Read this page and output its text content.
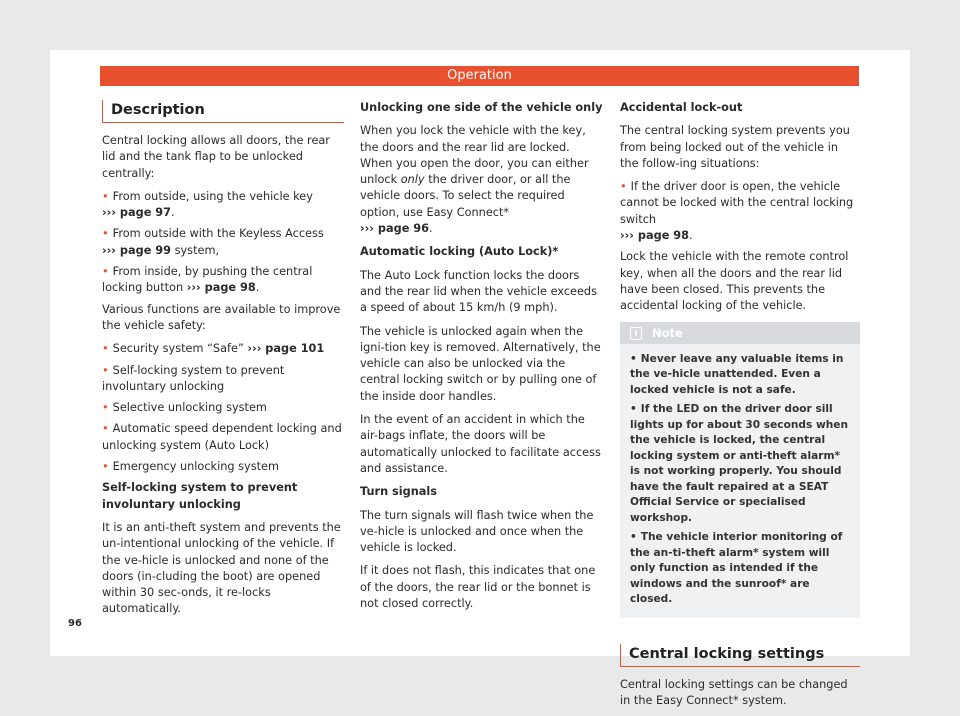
Operation
Description

Central locking allows all doors, the rear lid and the tank flap to be unlocked centrally:

• From outside, using the vehicle key
››› page 97.
• From outside with the Keyless Access
››› page 99 system,
• From inside, by pushing the central locking button ››› page 98.

Various functions are available to improve the vehicle safety:

• Security system “Safe” ››› page 101
• Self-locking system to prevent involuntary unlocking
• Selective unlocking system
• Automatic speed dependent locking and unlocking system (Auto Lock)
• Emergency unlocking system

Self-locking system to prevent involuntary unlocking

It is an anti-theft system and prevents the un-intentional unlocking of the vehicle. If the ve-hicle is unlocked and none of the doors (in-cluding the boot) are opened within 30 sec-onds, it re-locks automatically.

Unlocking one side of the vehicle only

When you lock the vehicle with the key, the doors and the rear lid are locked. When you open the door, you can either unlock only the driver door, or all the vehicle doors. To select the required option, use Easy Connect*
››› page 96.

Automatic locking (Auto Lock)*

The Auto Lock function locks the doors and the rear lid when the vehicle exceeds a speed of about 15 km/h (9 mph).

The vehicle is unlocked again when the igni-tion key is removed. Alternatively, the vehicle can also be unlocked via the central locking switch or by pulling one of the inside door handles.

In the event of an accident in which the air-bags inflate, the doors will be automatically unlocked to facilitate access and assistance.

Turn signals

The turn signals will flash twice when the ve-hicle is unlocked and once when the vehicle is locked.

If it does not flash, this indicates that one of the doors, the rear lid or the bonnet is not closed correctly.

Accidental lock-out

The central locking system prevents you from being locked out of the vehicle in the follow-ing situations:

• If the driver door is open, the vehicle cannot be locked with the central locking switch
››› page 98.

Lock the vehicle with the remote control key, when all the doors and the rear lid have been closed. This prevents the accidental locking of the vehicle.

i Note
• Never leave any valuable items in the ve-hicle unattended. Even a locked vehicle is not a safe.
• If the LED on the driver door sill lights up for about 30 seconds when the vehicle is locked, the central locking system or anti-theft alarm* is not working properly. You should have the fault repaired at a SEAT Official Service or specialised workshop.
• The vehicle interior monitoring of the an-ti-theft alarm* system will only function as intended if the windows and the sunroof* are closed.
Central locking settings

Central locking settings can be changed in the Easy Connect* system.

96
